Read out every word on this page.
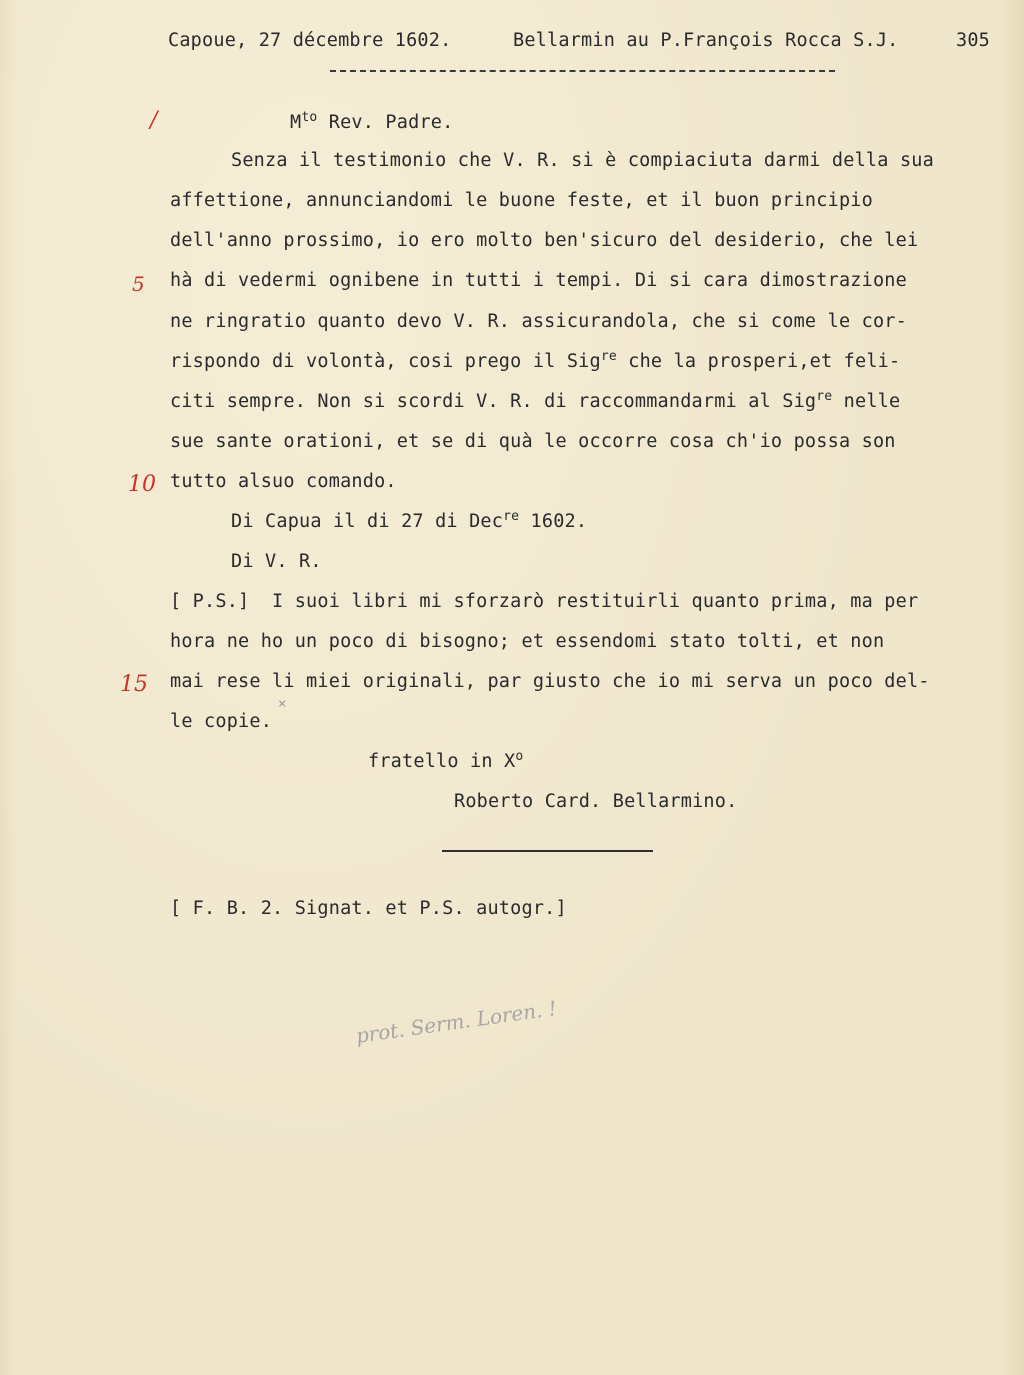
Capoue, 27 décembre 1602.	Bellarmin au P.François Rocca S.J.	305
/
5
10
15
$M^{to}$ Rev. Padre.
Senza il testimonio che V. R. si è compiaciuta darmi della sua
affettione, annunciandomi le buone feste, et il buon principio
dell'anno prossimo, io ero molto ben'sicuro del desiderio, che lei
hà di vedermi ognibene in tutti i tempi. Di si cara dimostrazione
ne ringratio quanto devo V. R. assicurandola, che si come le cor-
rispondo di volontà, cosi prego il Sig$^{re}$ che la prosperi,et feli-
citi sempre. Non si scordi V. R. di raccommandarmi al Sig$^{re}$ nelle
sue sante orationi, et se di quà le occorre cosa ch'io possa son
tutto alsuo comando.
Di Capua il di 27 di Dec$^{re}$ 1602.
Di V. R.
[ P.S.]  I suoi libri mi sforzarò restituirli quanto prima, ma per
hora ne ho un poco di bisogno; et essendomi stato tolti, et non
mai rese li miei originali, par giusto che io mi serva un poco del-
le copie.
×
fratello in $X^o$
Roberto Card. Bellarmino.
[ F. B. 2. Signat. et P.S. autogr.]
prot. Serm. Loren. !
